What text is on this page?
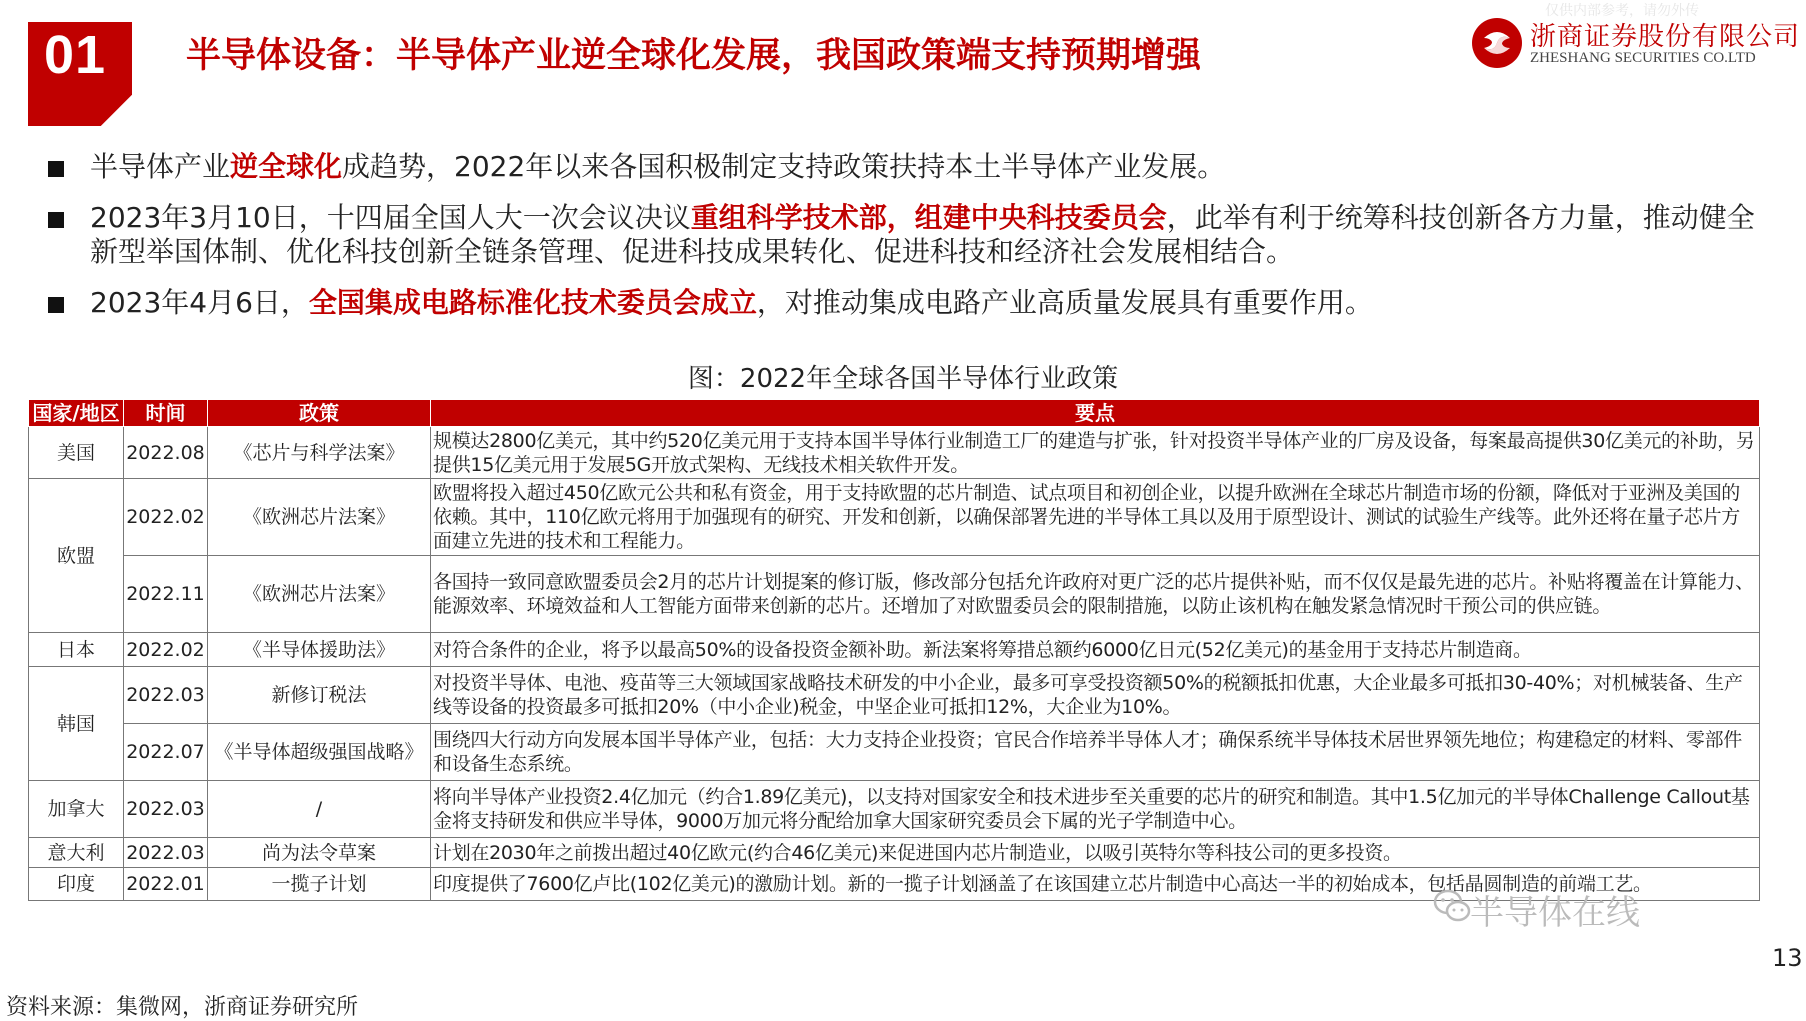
01 半导体设备：半导体产业逆全球化发展，我国政策端支持预期增强
仅供内部参考，请勿外传
浙商证券股份有限公司
ZHESHANG SECURITIES CO.LTD
半导体产业逆全球化成趋势，2022年以来各国积极制定支持政策扶持本土半导体产业发展。
2023年3月10日，十四届全国人大一次会议决议重组科学技术部，组建中央科技委员会，此举有利于统筹科技创新各方力量，推动健全新型举国体制、优化科技创新全链条管理、促进科技成果转化、促进科技和经济社会发展相结合。
2023年4月6日，全国集成电路标准化技术委员会成立，对推动集成电路产业高质量发展具有重要作用。
图：2022年全球各国半导体行业政策
国家/地区	时间	政策	要点
美国	2022.08	《芯片与科学法案》	规模达2800亿美元，其中约520亿美元用于支持本国半导体行业制造工厂的建造与扩张，针对投资半导体产业的厂房及设备，每案最高提供30亿美元的补助，另提供15亿美元用于发展5G开放式架构、无线技术相关软件开发。
欧盟	2022.02	《欧洲芯片法案》	欧盟将投入超过450亿欧元公共和私有资金，用于支持欧盟的芯片制造、试点项目和初创企业，以提升欧洲在全球芯片制造市场的份额，降低对于亚洲及美国的依赖。其中，110亿欧元将用于加强现有的研究、开发和创新，以确保部署先进的半导体工具以及用于原型设计、测试的试验生产线等。此外还将在量子芯片方面建立先进的技术和工程能力。
	2022.11	《欧洲芯片法案》	各国持一致同意欧盟委员会2月的芯片计划提案的修订版，修改部分包括允许政府对更广泛的芯片提供补贴，而不仅仅是最先进的芯片。补贴将覆盖在计算能力、能源效率、环境效益和人工智能方面带来创新的芯片。还增加了对欧盟委员会的限制措施，以防止该机构在触发紧急情况时干预公司的供应链。
日本	2022.02	《半导体援助法》	对符合条件的企业，将予以最高50%的设备投资金额补助。新法案将筹措总额约6000亿日元(52亿美元)的基金用于支持芯片制造商。
韩国	2022.03	新修订税法	对投资半导体、电池、疫苗等三大领域国家战略技术研发的中小企业，最多可享受投资额50%的税额抵扣优惠，大企业最多可抵扣30-40%；对机械装备、生产线等设备的投资最多可抵扣20%（中小企业)税金，中坚企业可抵扣12%，大企业为10%。
	2022.07	《半导体超级强国战略》	围绕四大行动方向发展本国半导体产业，包括：大力支持企业投资；官民合作培养半导体人才；确保系统半导体技术居世界领先地位；构建稳定的材料、零部件和设备生态系统。
加拿大	2022.03	/	将向半导体产业投资2.4亿加元（约合1.89亿美元)，以支持对国家安全和技术进步至关重要的芯片的研究和制造。其中1.5亿加元的半导体Challenge Callout基金将支持研发和供应半导体，9000万加元将分配给加拿大国家研究委员会下属的光子学制造中心。
意大利	2022.03	尚为法令草案	计划在2030年之前拨出超过40亿欧元(约合46亿美元)来促进国内芯片制造业，以吸引英特尔等科技公司的更多投资。
印度	2022.01	一揽子计划	印度提供了7600亿卢比(102亿美元)的激励计划。新的一揽子计划涵盖了在该国建立芯片制造中心高达一半的初始成本，包括晶圆制造的前端工艺。
半导体在线
13
资料来源：集微网，浙商证券研究所
